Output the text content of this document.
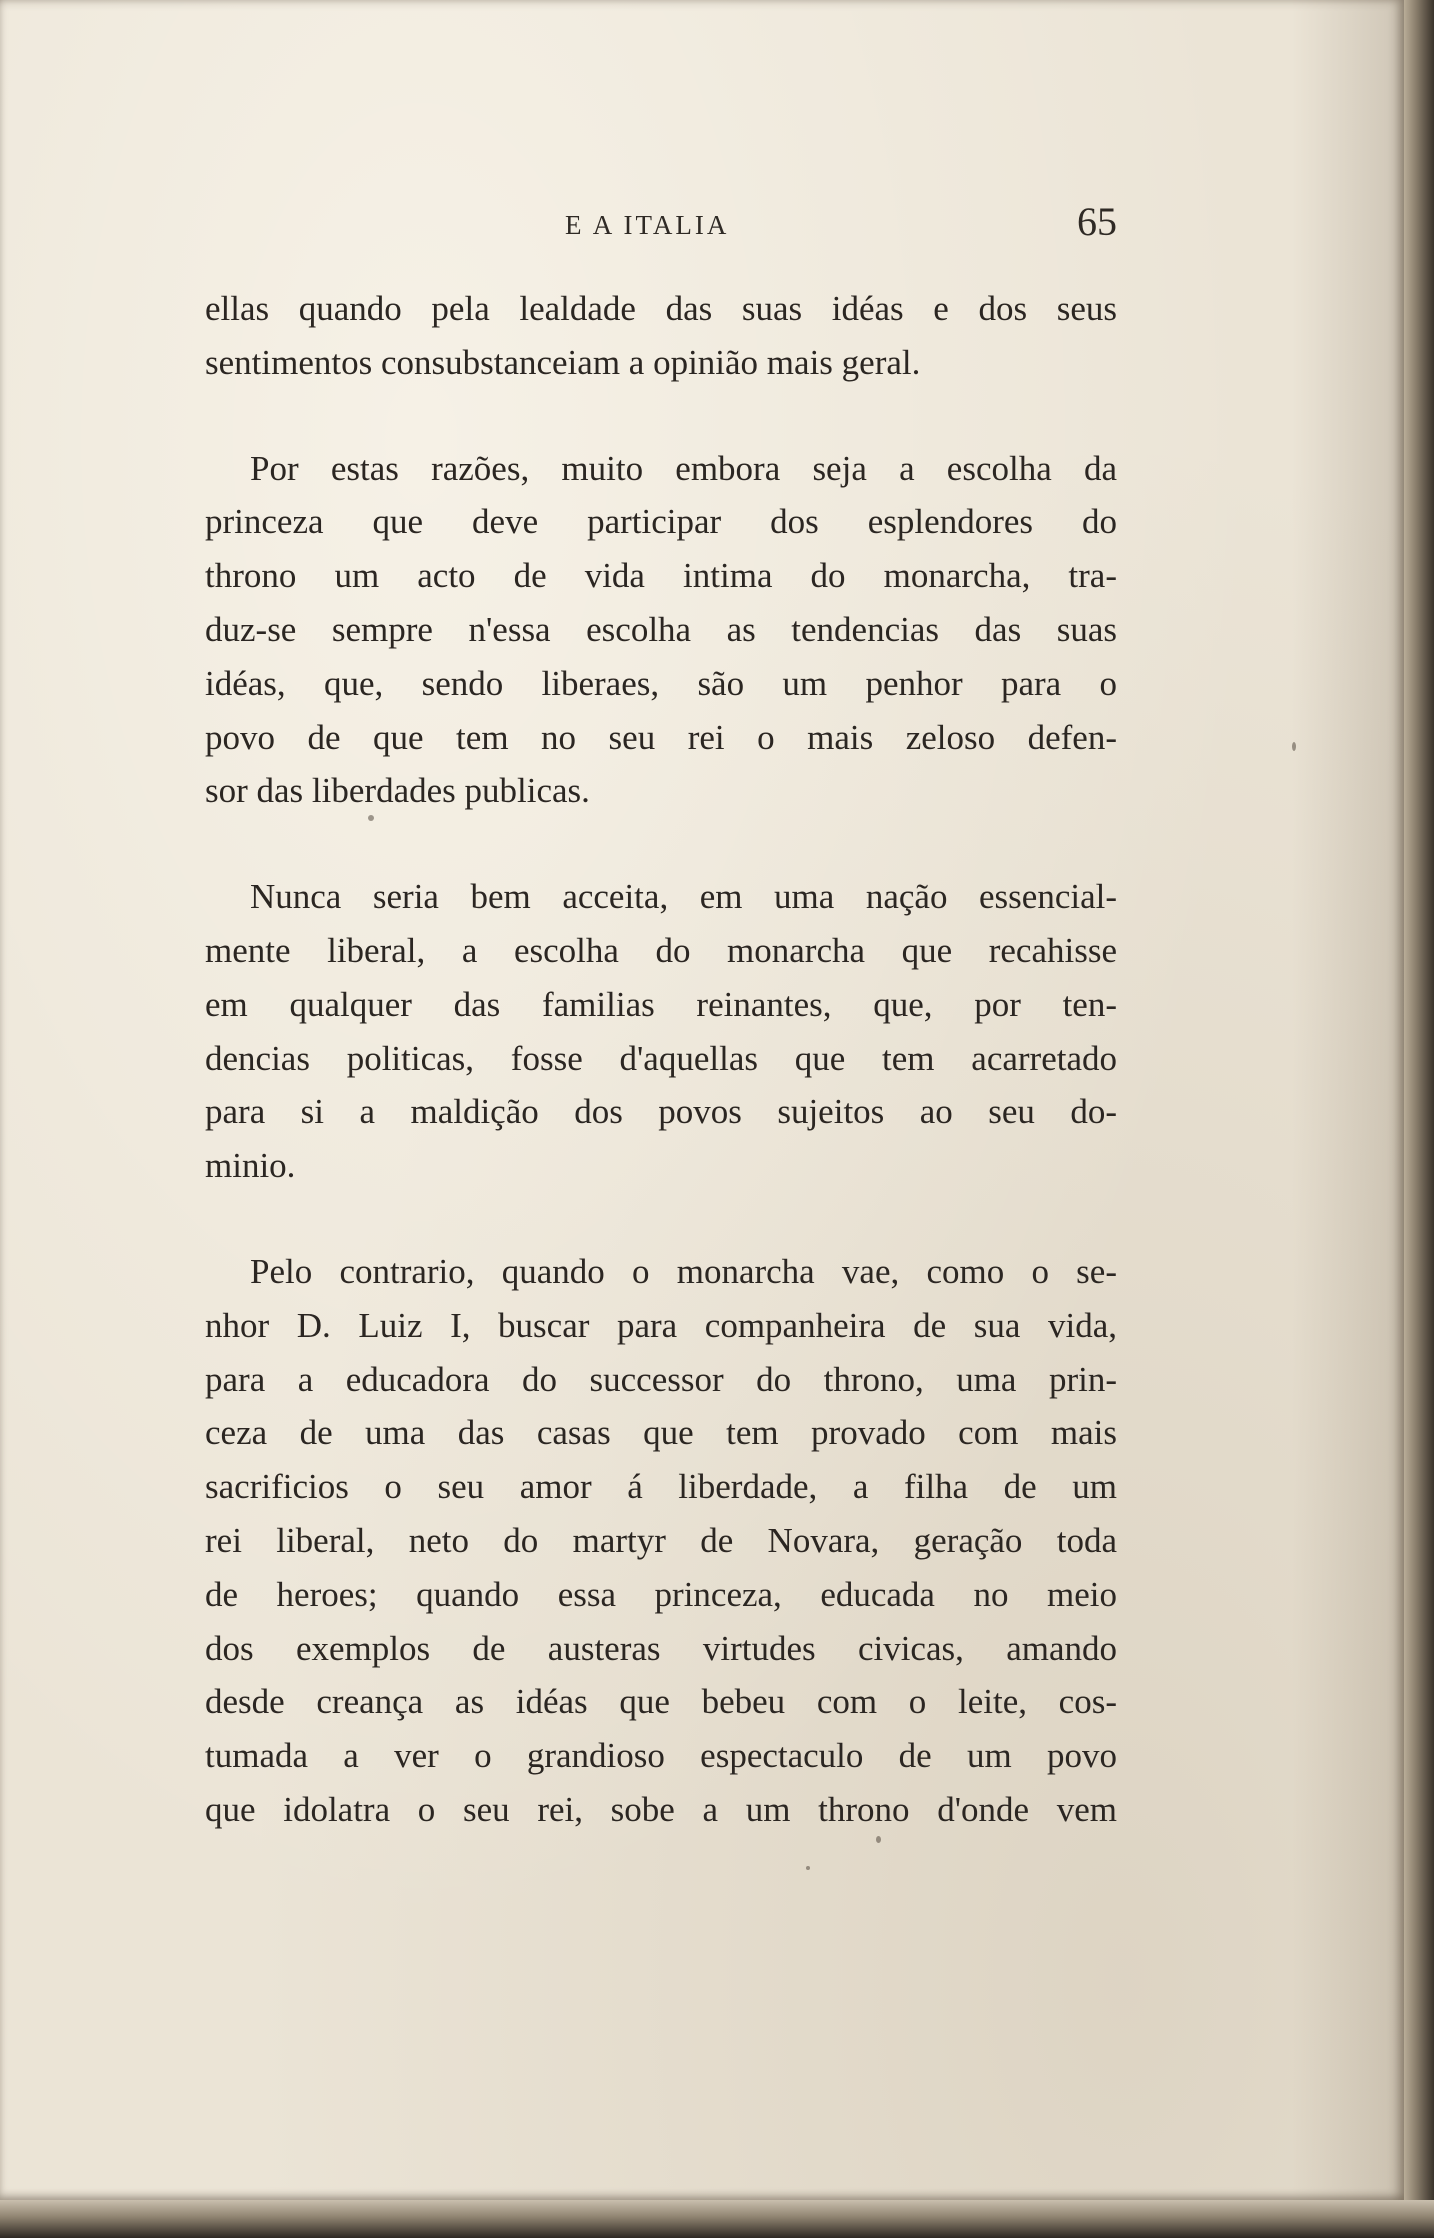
E A ITALIA	65

ellas quando pela lealdade das suas idéas e dos seus
sentimentos consubstanceiam a opinião mais geral.

Por estas razões, muito embora seja a escolha da
princeza que deve participar dos esplendores do
throno um acto de vida intima do monarcha, tra-
duz-se sempre n'essa escolha as tendencias das suas
idéas, que, sendo liberaes, são um penhor para o
povo de que tem no seu rei o mais zeloso defen-
sor das liberdades publicas.

Nunca seria bem acceita, em uma nação essencial-
mente liberal, a escolha do monarcha que recahisse
em qualquer das familias reinantes, que, por ten-
dencias politicas, fosse d'aquellas que tem acarretado
para si a maldição dos povos sujeitos ao seu do-
minio.

Pelo contrario, quando o monarcha vae, como o se-
nhor D. Luiz I, buscar para companheira de sua vida,
para a educadora do successor do throno, uma prin-
ceza de uma das casas que tem provado com mais
sacrificios o seu amor á liberdade, a filha de um
rei liberal, neto do martyr de Novara, geração toda
de heroes; quando essa princeza, educada no meio
dos exemplos de austeras virtudes civicas, amando
desde creança as idéas que bebeu com o leite, cos-
tumada a ver o grandioso espectaculo de um povo
que idolatra o seu rei, sobe a um throno d'onde vem
